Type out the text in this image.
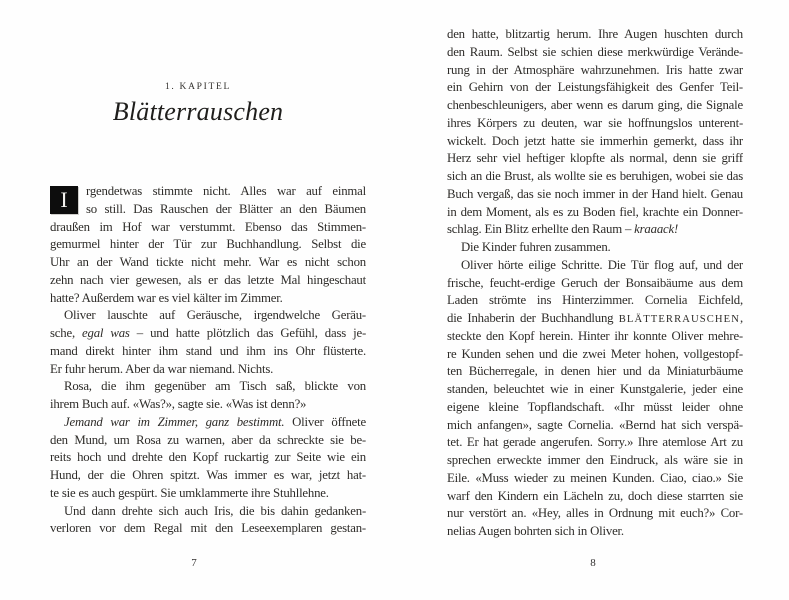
1. KAPITEL
Blätterrauschen
I	rgendetwas stimmte nicht. Alles war auf einmal
so still. Das Rauschen der Blätter an den Bäumen
draußen im Hof war verstummt. Ebenso das Stimmen-
gemurmel hinter der Tür zur Buchhandlung. Selbst die
Uhr an der Wand tickte nicht mehr. War es nicht schon
zehn nach vier gewesen, als er das letzte Mal hingeschaut
hatte? Außerdem war es viel kälter im Zimmer.
Oliver lauschte auf Geräusche, irgendwelche Geräu-
sche, egal was – und hatte plötzlich das Gefühl, dass je-
mand direkt hinter ihm stand und ihm ins Ohr flüsterte.
Er fuhr herum. Aber da war niemand. Nichts.
Rosa, die ihm gegenüber am Tisch saß, blickte von
ihrem Buch auf. «Was?», sagte sie. «Was ist denn?»
Jemand war im Zimmer, ganz bestimmt. Oliver öffnete
den Mund, um Rosa zu warnen, aber da schreckte sie be-
reits hoch und drehte den Kopf ruckartig zur Seite wie ein
Hund, der die Ohren spitzt. Was immer es war, jetzt hat-
te sie es auch gespürt. Sie umklammerte ihre Stuhllehne.
Und dann drehte sich auch Iris, die bis dahin gedanken-
verloren vor dem Regal mit den Leseexemplaren gestan-
den hatte, blitzartig herum. Ihre Augen huschten durch
den Raum. Selbst sie schien diese merkwürdige Verände-
rung in der Atmosphäre wahrzunehmen. Iris hatte zwar
ein Gehirn von der Leistungsfähigkeit des Genfer Teil-
chenbeschleunigers, aber wenn es darum ging, die Signale
ihres Körpers zu deuten, war sie hoffnungslos unterent-
wickelt. Doch jetzt hatte sie immerhin gemerkt, dass ihr
Herz sehr viel heftiger klopfte als normal, denn sie griff
sich an die Brust, als wollte sie es beruhigen, wobei sie das
Buch vergaß, das sie noch immer in der Hand hielt. Genau
in dem Moment, als es zu Boden fiel, krachte ein Donner-
schlag. Ein Blitz erhellte den Raum – kraaack!
Die Kinder fuhren zusammen.
Oliver hörte eilige Schritte. Die Tür flog auf, und der
frische, feucht-erdige Geruch der Bonsaibäume aus dem
Laden strömte ins Hinterzimmer. Cornelia Eichfeld,
die Inhaberin der Buchhandlung BLÄTTERRAUSCHEN,
steckte den Kopf herein. Hinter ihr konnte Oliver mehre-
re Kunden sehen und die zwei Meter hohen, vollgestopf-
ten Bücherregale, in denen hier und da Miniaturbäume
standen, beleuchtet wie in einer Kunstgalerie, jeder eine
eigene kleine Topflandschaft. «Ihr müsst leider ohne
mich anfangen», sagte Cornelia. «Bernd hat sich verspä-
tet. Er hat gerade angerufen. Sorry.» Ihre atemlose Art zu
sprechen erweckte immer den Eindruck, als wäre sie in
Eile. «Muss wieder zu meinen Kunden. Ciao, ciao.» Sie
warf den Kindern ein Lächeln zu, doch diese starrten sie
nur verstört an. «Hey, alles in Ordnung mit euch?» Cor-
nelias Augen bohrten sich in Oliver.
7	8
